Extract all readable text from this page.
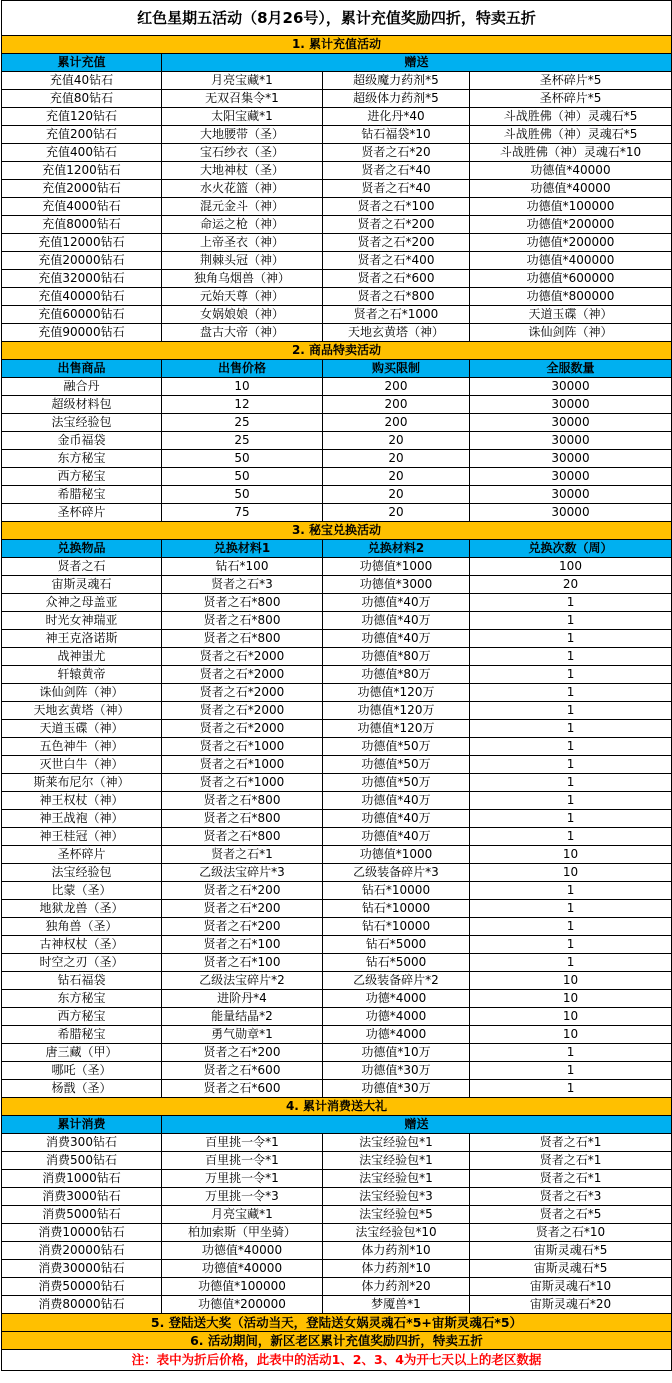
红色星期五活动（8月26号），累计充值奖励四折，特卖五折			
1. 累计充值活动			
累计充值	赠送		
充值40钻石	月亮宝藏*1	超级魔力药剂*5	圣杯碎片*5
充值80钻石	无双召集令*1	超级体力药剂*5	圣杯碎片*5
充值120钻石	太阳宝藏*1	进化丹*40	斗战胜佛（神）灵魂石*5
充值200钻石	大地腰带（圣）	钻石福袋*10	斗战胜佛（神）灵魂石*5
充值400钻石	宝石纱衣（圣）	贤者之石*20	斗战胜佛（神）灵魂石*10
充值1200钻石	大地神杖（圣）	贤者之石*40	功德值*40000
充值2000钻石	水火花篮（神）	贤者之石*40	功德值*40000
充值4000钻石	混元金斗（神）	贤者之石*100	功德值*100000
充值8000钻石	命运之枪（神）	贤者之石*200	功德值*200000
充值12000钻石	上帝圣衣（神）	贤者之石*200	功德值*200000
充值20000钻石	荆棘头冠（神）	贤者之石*400	功德值*400000
充值32000钻石	独角乌烟兽（神）	贤者之石*600	功德值*600000
充值40000钻石	元始天尊（神）	贤者之石*800	功德值*800000
充值60000钻石	女娲娘娘（神）	贤者之石*1000	天道玉碟（神）
充值90000钻石	盘古大帝（神）	天地玄黄塔（神）	诛仙剑阵（神）
2. 商品特卖活动			
出售商品	出售价格	购买限制	全服数量
融合丹	10	200	30000
超级材料包	12	200	30000
法宝经验包	25	200	30000
金币福袋	25	20	30000
东方秘宝	50	20	30000
西方秘宝	50	20	30000
希腊秘宝	50	20	30000
圣杯碎片	75	20	30000
3. 秘宝兑换活动			
兑换物品	兑换材料1	兑换材料2	兑换次数（周）
贤者之石	钻石*100	功德值*1000	100
宙斯灵魂石	贤者之石*3	功德值*3000	20
众神之母盖亚	贤者之石*800	功德值*40万	1
时光女神瑞亚	贤者之石*800	功德值*40万	1
神王克洛诺斯	贤者之石*800	功德值*40万	1
战神蚩尤	贤者之石*2000	功德值*80万	1
轩辕黄帝	贤者之石*2000	功德值*80万	1
诛仙剑阵（神）	贤者之石*2000	功德值*120万	1
天地玄黄塔（神）	贤者之石*2000	功德值*120万	1
天道玉碟（神）	贤者之石*2000	功德值*120万	1
五色神牛（神）	贤者之石*1000	功德值*50万	1
灭世白牛（神）	贤者之石*1000	功德值*50万	1
斯莱布尼尔（神）	贤者之石*1000	功德值*50万	1
神王权杖（神）	贤者之石*800	功德值*40万	1
神王战袍（神）	贤者之石*800	功德值*40万	1
神王桂冠（神）	贤者之石*800	功德值*40万	1
圣杯碎片	贤者之石*1	功德值*1000	10
法宝经验包	乙级法宝碎片*3	乙级装备碎片*3	10
比蒙（圣）	贤者之石*200	钻石*10000	1
地狱龙兽（圣）	贤者之石*200	钻石*10000	1
独角兽（圣）	贤者之石*200	钻石*10000	1
古神权杖（圣）	贤者之石*100	钻石*5000	1
时空之刃（圣）	贤者之石*100	钻石*5000	1
钻石福袋	乙级法宝碎片*2	乙级装备碎片*2	10
东方秘宝	进阶丹*4	功德*4000	10
西方秘宝	能量结晶*2	功德*4000	10
希腊秘宝	勇气勋章*1	功德*4000	10
唐三藏（甲）	贤者之石*200	功德值*10万	1
哪吒（圣）	贤者之石*600	功德值*30万	1
杨戬（圣）	贤者之石*600	功德值*30万	1
4. 累计消费送大礼			
累计消费	赠送		
消费300钻石	百里挑一令*1	法宝经验包*1	贤者之石*1
消费500钻石	百里挑一令*1	法宝经验包*1	贤者之石*1
消费1000钻石	万里挑一令*1	法宝经验包*1	贤者之石*1
消费3000钻石	万里挑一令*3	法宝经验包*3	贤者之石*3
消费5000钻石	月亮宝藏*1	法宝经验包*5	贤者之石*5
消费10000钻石	柏加索斯（甲坐骑）	法宝经验包*10	贤者之石*10
消费20000钻石	功德值*40000	体力药剂*10	宙斯灵魂石*5
消费30000钻石	功德值*40000	体力药剂*10	宙斯灵魂石*5
消费50000钻石	功德值*100000	体力药剂*20	宙斯灵魂石*10
消费80000钻石	功德值*200000	梦魇兽*1	宙斯灵魂石*20
5. 登陆送大奖（活动当天，登陆送女娲灵魂石*5+宙斯灵魂石*5）			
6. 活动期间，新区老区累计充值奖励四折，特卖五折			
注：表中为折后价格，此表中的活动1、2、3、4为开七天以上的老区数据			
